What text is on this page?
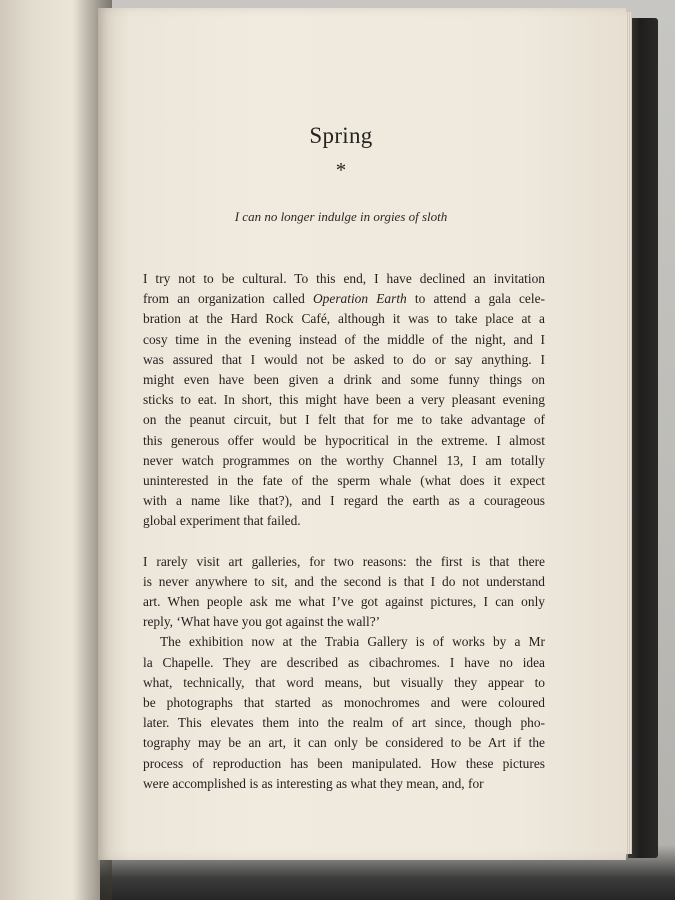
Spring
*
I can no longer indulge in orgies of sloth
I try not to be cultural. To this end, I have declined an invitation
from an organization called Operation Earth to attend a gala cele-
bration at the Hard Rock Café, although it was to take place at a
cosy time in the evening instead of the middle of the night, and I
was assured that I would not be asked to do or say anything. I
might even have been given a drink and some funny things on
sticks to eat. In short, this might have been a very pleasant evening
on the peanut circuit, but I felt that for me to take advantage of
this generous offer would be hypocritical in the extreme. I almost
never watch programmes on the worthy Channel 13, I am totally
uninterested in the fate of the sperm whale (what does it expect
with a name like that?), and I regard the earth as a courageous
global experiment that failed.
I rarely visit art galleries, for two reasons: the first is that there
is never anywhere to sit, and the second is that I do not understand
art. When people ask me what I’ve got against pictures, I can only
reply, ‘What have you got against the wall?’
The exhibition now at the Trabia Gallery is of works by a Mr
la Chapelle. They are described as cibachromes. I have no idea
what, technically, that word means, but visually they appear to
be photographs that started as monochromes and were coloured
later. This elevates them into the realm of art since, though pho-
tography may be an art, it can only be considered to be Art if the
process of reproduction has been manipulated. How these pictures
were accomplished is as interesting as what they mean, and, for
